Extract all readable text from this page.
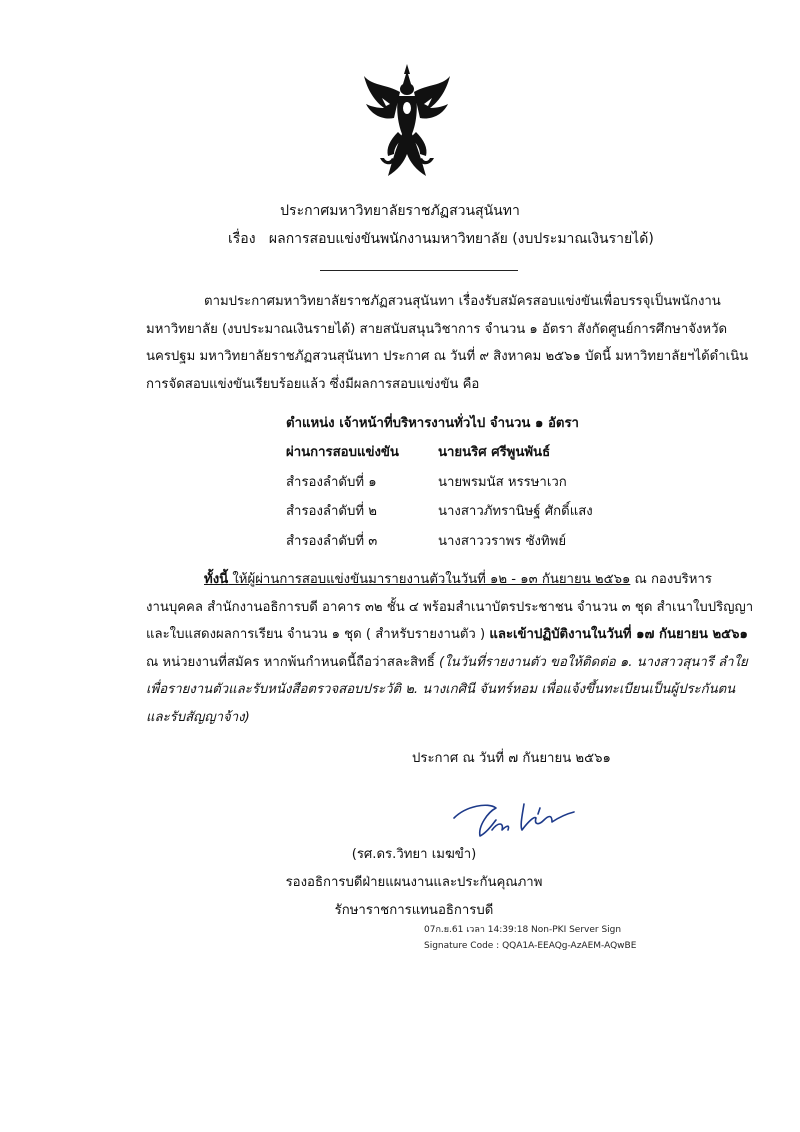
ประกาศมหาวิทยาลัยราชภัฏสวนสุนันทา
เรื่อง ผลการสอบแข่งขันพนักงานมหาวิทยาลัย (งบประมาณเงินรายได้)

ตามประกาศมหาวิทยาลัยราชภัฏสวนสุนันทา เรื่องรับสมัครสอบแข่งขันเพื่อบรรจุเป็นพนักงาน

มหาวิทยาลัย (งบประมาณเงินรายได้) สายสนับสนุนวิชาการ จำนวน ๑ อัตรา สังกัดศูนย์การศึกษาจังหวัด

นครปฐม มหาวิทยาลัยราชภัฏสวนสุนันทา ประกาศ ณ วันที่ ๙ สิงหาคม ๒๕๖๑ บัดนี้ มหาวิทยาลัยฯได้ดำเนิน

การจัดสอบแข่งขันเรียบร้อยแล้ว ซึ่งมีผลการสอบแข่งขัน คือ

ตำแหน่ง เจ้าหน้าที่บริหารงานทั่วไป จำนวน ๑ อัตรา
ผ่านการสอบแข่งขัน	นายนริศ ศรีพูนพันธ์
สำรองลำดับที่ ๑	นายพรมนัส หรรษาเวก
สำรองลำดับที่ ๒	นางสาวภัทรานิษฐ์ ศักดิ์แสง
สำรองลำดับที่ ๓	นางสาววราพร ซังทิพย์

ทั้งนี้ ให้ผู้ผ่านการสอบแข่งขันมารายงานตัวในวันที่ ๑๒ - ๑๓ กันยายน ๒๕๖๑ ณ กองบริหาร

งานบุคคล สำนักงานอธิการบดี อาคาร ๓๒ ชั้น ๔ พร้อมสำเนาบัตรประชาชน จำนวน ๓ ชุด สำเนาใบปริญญา

และใบแสดงผลการเรียน จำนวน ๑ ชุด ( สำหรับรายงานตัว ) และเข้าปฏิบัติงานในวันที่ ๑๗ กันยายน ๒๕๖๑

ณ หน่วยงานที่สมัคร หากพ้นกำหนดนี้ถือว่าสละสิทธิ์ (ในวันที่รายงานตัว ขอให้ติดต่อ ๑. นางสาวสุนารี ลำใย

เพื่อรายงานตัวและรับหนังสือตรวจสอบประวัติ ๒. นางเกศินี จันทร์หอม เพื่อแจ้งขึ้นทะเบียนเป็นผู้ประกันตน

และรับสัญญาจ้าง)

ประกาศ ณ วันที่ ๗ กันยายน ๒๕๖๑
(รศ.ดร.วิทยา เมฆขำ)
รองอธิการบดีฝ่ายแผนงานและประกันคุณภาพ
รักษาราชการแทนอธิการบดี
07ก.ย.61 เวลา 14:39:18 Non-PKI Server Sign
Signature Code : QQA1A-EEAQg-AzAEM-AQwBE
